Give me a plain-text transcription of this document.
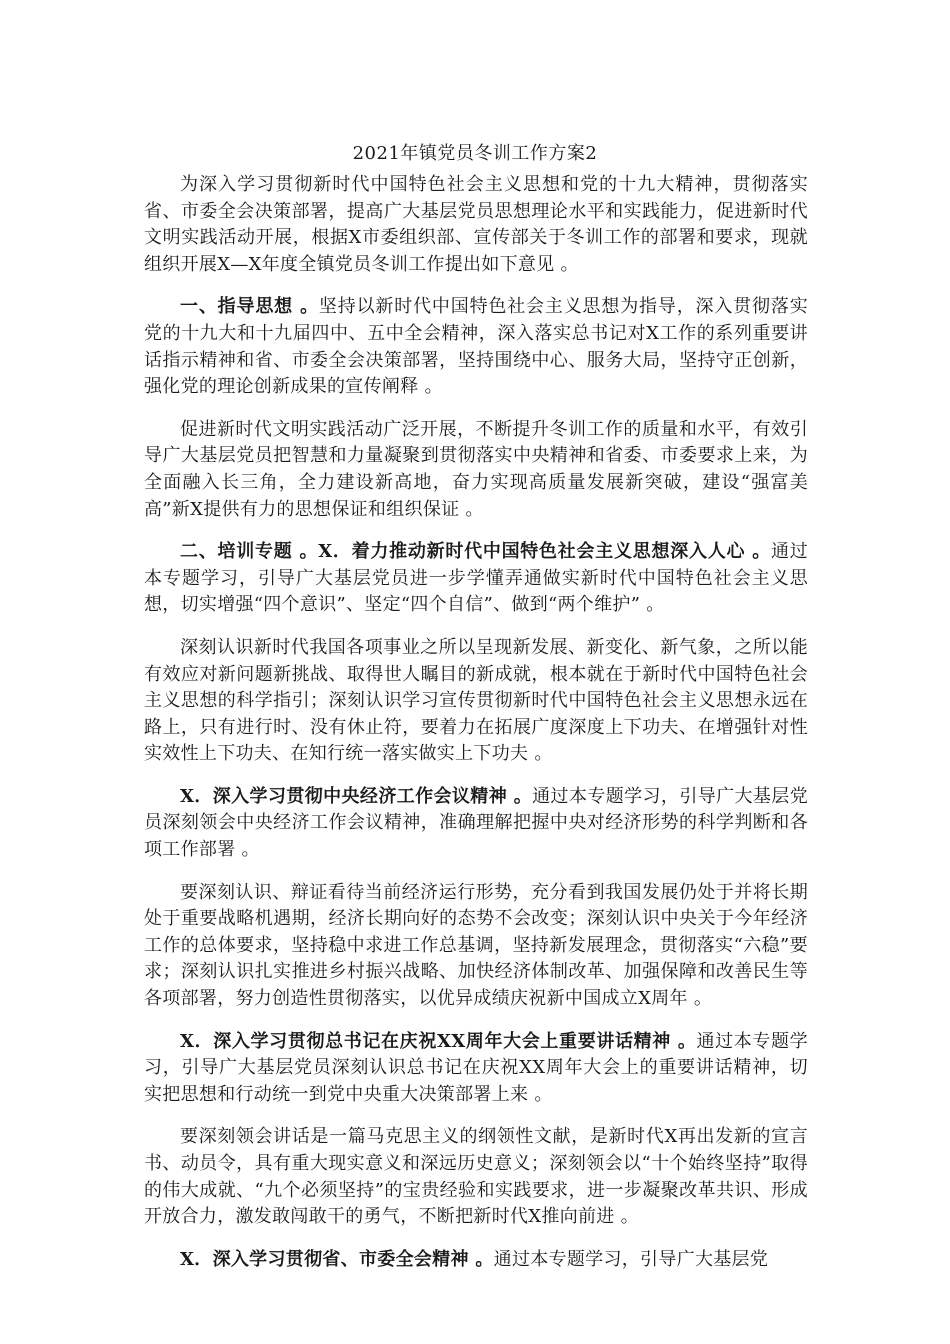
2021年镇党员冬训工作方案2

为深入学习贯彻新时代中国特色社会主义思想和党的十九大精神，贯彻落实省、市委全会决策部署，提高广大基层党员思想理论水平和实践能力，促进新时代文明实践活动开展，根据X市委组织部、宣传部关于冬训工作的部署和要求，现就组织开展X—X年度全镇党员冬训工作提出如下意见 。

一、指导思想 。坚持以新时代中国特色社会主义思想为指导，深入贯彻落实党的十九大和十九届四中、五中全会精神，深入落实总书记对X工作的系列重要讲话指示精神和省、市委全会决策部署，坚持围绕中心、服务大局，坚持守正创新，强化党的理论创新成果的宣传阐释 。

促进新时代文明实践活动广泛开展，不断提升冬训工作的质量和水平，有效引导广大基层党员把智慧和力量凝聚到贯彻落实中央精神和省委、市委要求上来，为全面融入长三角，全力建设新高地，奋力实现高质量发展新突破，建设“强富美高”新X提供有力的思想保证和组织保证 。

二、培训专题 。X．着力推动新时代中国特色社会主义思想深入人心 。通过本专题学习，引导广大基层党员进一步学懂弄通做实新时代中国特色社会主义思想，切实增强“四个意识”、坚定“四个自信”、做到“两个维护” 。

深刻认识新时代我国各项事业之所以呈现新发展、新变化、新气象，之所以能有效应对新问题新挑战、取得世人瞩目的新成就，根本就在于新时代中国特色社会主义思想的科学指引；深刻认识学习宣传贯彻新时代中国特色社会主义思想永远在路上，只有进行时、没有休止符，要着力在拓展广度深度上下功夫、在增强针对性实效性上下功夫、在知行统一落实做实上下功夫 。

X．深入学习贯彻中央经济工作会议精神 。通过本专题学习，引导广大基层党员深刻领会中央经济工作会议精神，准确理解把握中央对经济形势的科学判断和各项工作部署 。

要深刻认识、辩证看待当前经济运行形势，充分看到我国发展仍处于并将长期处于重要战略机遇期，经济长期向好的态势不会改变；深刻认识中央关于今年经济工作的总体要求，坚持稳中求进工作总基调，坚持新发展理念，贯彻落实“六稳”要求；深刻认识扎实推进乡村振兴战略、加快经济体制改革、加强保障和改善民生等各项部署，努力创造性贯彻落实，以优异成绩庆祝新中国成立X周年 。

X．深入学习贯彻总书记在庆祝XX周年大会上重要讲话精神 。通过本专题学习，引导广大基层党员深刻认识总书记在庆祝XX周年大会上的重要讲话精神，切实把思想和行动统一到党中央重大决策部署上来 。

要深刻领会讲话是一篇马克思主义的纲领性文献，是新时代X再出发新的宣言书、动员令，具有重大现实意义和深远历史意义；深刻领会以“十个始终坚持”取得的伟大成就、“九个必须坚持”的宝贵经验和实践要求，进一步凝聚改革共识、形成开放合力，激发敢闯敢干的勇气，不断把新时代X推向前进 。

X．深入学习贯彻省、市委全会精神 。通过本专题学习，引导广大基层党
